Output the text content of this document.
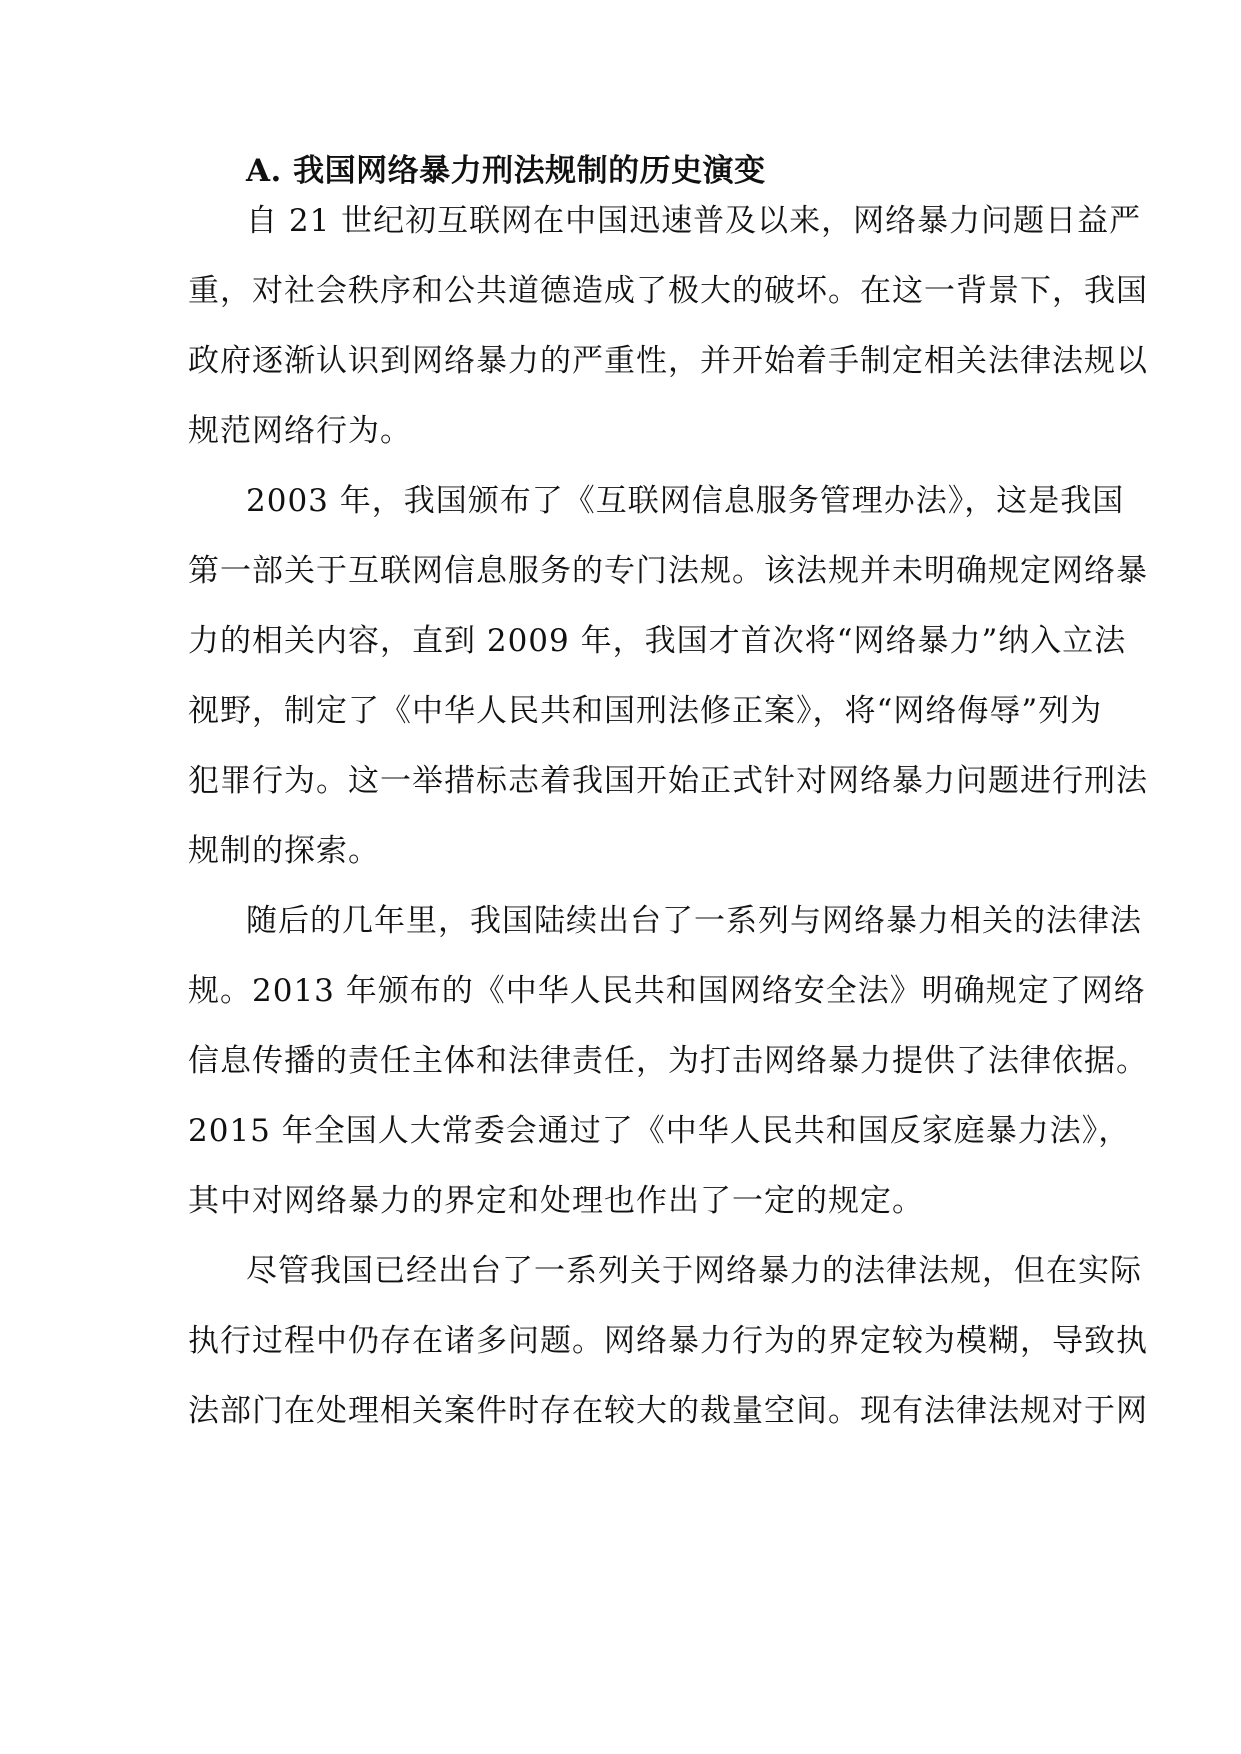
A. 我国网络暴力刑法规制的历史演变
自 21 世纪初互联网在中国迅速普及以来，网络暴力问题日益严
重，对社会秩序和公共道德造成了极大的破坏。在这一背景下，我国
政府逐渐认识到网络暴力的严重性，并开始着手制定相关法律法规以
规范网络行为。
2003 年，我国颁布了《互联网信息服务管理办法》，这是我国
第一部关于互联网信息服务的专门法规。该法规并未明确规定网络暴
力的相关内容，直到 2009 年，我国才首次将“网络暴力”纳入立法
视野，制定了《中华人民共和国刑法修正案》，将“网络侮辱”列为
犯罪行为。这一举措标志着我国开始正式针对网络暴力问题进行刑法
规制的探索。
随后的几年里，我国陆续出台了一系列与网络暴力相关的法律法
规。2013 年颁布的《中华人民共和国网络安全法》明确规定了网络
信息传播的责任主体和法律责任，为打击网络暴力提供了法律依据。
2015 年全国人大常委会通过了《中华人民共和国反家庭暴力法》，
其中对网络暴力的界定和处理也作出了一定的规定。
尽管我国已经出台了一系列关于网络暴力的法律法规，但在实际
执行过程中仍存在诸多问题。网络暴力行为的界定较为模糊，导致执
法部门在处理相关案件时存在较大的裁量空间。现有法律法规对于网
